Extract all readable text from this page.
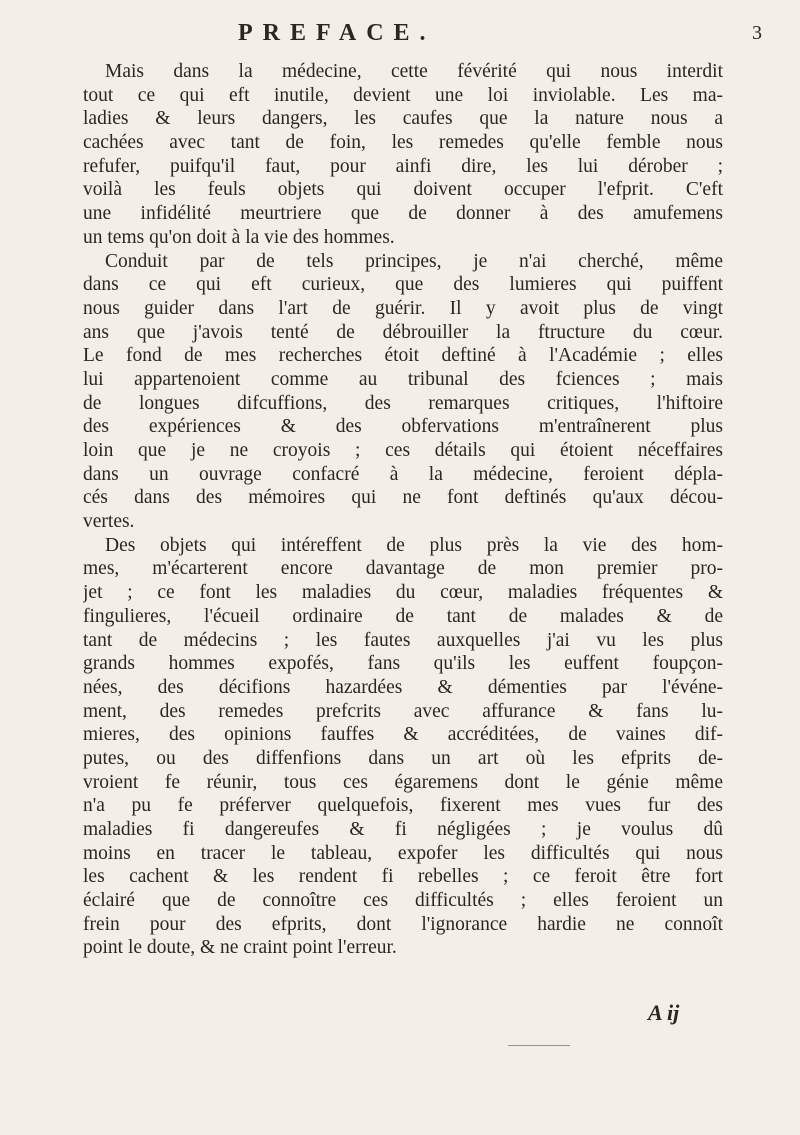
PREFACE.	3
Mais dans la médecine, cette févérité qui nous interdit
tout ce qui eft inutile, devient une loi inviolable. Les ma-
ladies & leurs dangers, les caufes que la nature nous a
cachées avec tant de foin, les remedes qu'elle femble nous
refufer, puifqu'il faut, pour ainfi dire, les lui dérober ;
voilà les feuls objets qui doivent occuper l'efprit. C'eft
une infidélité meurtriere que de donner à des amufemens
un tems qu'on doit à la vie des hommes.
Conduit par de tels principes, je n'ai cherché, même
dans ce qui eft curieux, que des lumieres qui puiffent
nous guider dans l'art de guérir. Il y avoit plus de vingt
ans que j'avois tenté de débrouiller la ftructure du cœur.
Le fond de mes recherches étoit deftiné à l'Académie ; elles
lui appartenoient comme au tribunal des fciences ; mais
de longues difcuffions, des remarques critiques, l'hiftoire
des expériences & des obfervations m'entraînerent plus
loin que je ne croyois ; ces détails qui étoient néceffaires
dans un ouvrage confacré à la médecine, feroient dépla-
cés dans des mémoires qui ne font deftinés qu'aux décou-
vertes.
Des objets qui intéreffent de plus près la vie des hom-
mes, m'écarterent encore davantage de mon premier pro-
jet ; ce font les maladies du cœur, maladies fréquentes &
fingulieres, l'écueil ordinaire de tant de malades & de
tant de médecins ; les fautes auxquelles j'ai vu les plus
grands hommes expofés, fans qu'ils les euffent foupçon-
nées, des décifions hazardées & démenties par l'événe-
ment, des remedes prefcrits avec affurance & fans lu-
mieres, des opinions fauffes & accréditées, de vaines dif-
putes, ou des diffenfions dans un art où les efprits de-
vroient fe réunir, tous ces égaremens dont le génie même
n'a pu fe préferver quelquefois, fixerent mes vues fur des
maladies fi dangereufes & fi négligées ; je voulus dû
moins en tracer le tableau, expofer les difficultés qui nous
les cachent & les rendent fi rebelles ; ce feroit être fort
éclairé que de connoître ces difficultés ; elles feroient un
frein pour des efprits, dont l'ignorance hardie ne connoît
point le doute, & ne craint point l'erreur.
A ij
